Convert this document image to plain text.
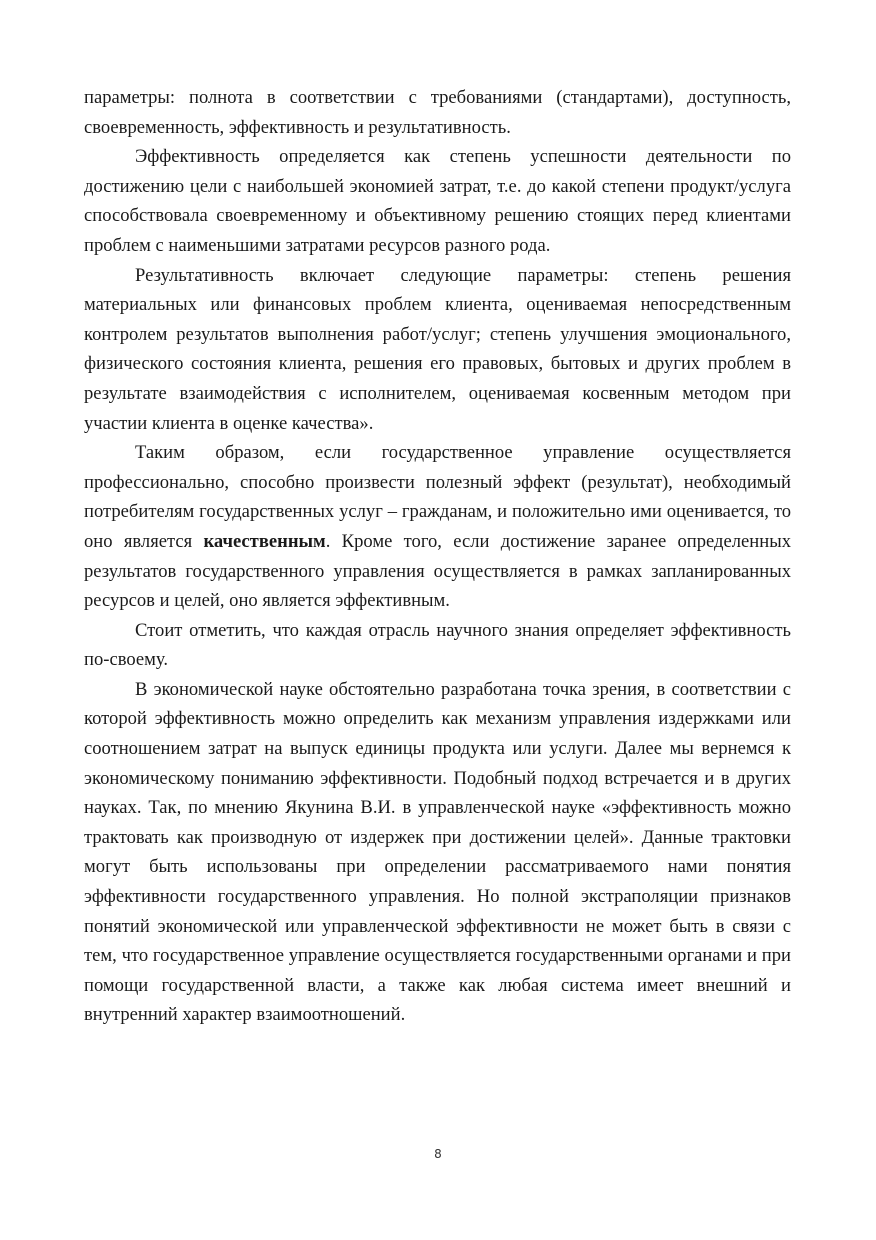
параметры: полнота в соответствии с требованиями (стандартами), доступность, своевременность, эффективность и результативность.

Эффективность определяется как степень успешности деятельности по достижению цели с наибольшей экономией затрат, т.е. до какой степени продукт/услуга способствовала своевременному и объективному решению стоящих перед клиентами проблем с наименьшими затратами ресурсов разного рода.

Результативность включает следующие параметры: степень решения материальных или финансовых проблем клиента, оцениваемая непосредственным контролем результатов выполнения работ/услуг; степень улучшения эмоционального, физического состояния клиента, решения его правовых, бытовых и других проблем в результате взаимодействия с исполнителем, оцениваемая косвенным методом при участии клиента в оценке качества».

Таким образом, если государственное управление осуществляется профессионально, способно произвести полезный эффект (результат), необходимый потребителям государственных услуг – гражданам, и положительно ими оценивается, то оно является качественным. Кроме того, если достижение заранее определенных результатов государственного управления осуществляется в рамках запланированных ресурсов и целей, оно является эффективным.

Стоит отметить, что каждая отрасль научного знания определяет эффективность по-своему.

В экономической науке обстоятельно разработана точка зрения, в соответствии с которой эффективность можно определить как механизм управления издержками или соотношением затрат на выпуск единицы продукта или услуги. Далее мы вернемся к экономическому пониманию эффективности. Подобный подход встречается и в других науках. Так, по мнению Якунина В.И. в управленческой науке «эффективность можно трактовать как производную от издержек при достижении целей». Данные трактовки могут быть использованы при определении рассматриваемого нами понятия эффективности государственного управления. Но полной экстраполяции признаков понятий экономической или управленческой эффективности не может быть в связи с тем, что государственное управление осуществляется государственными органами и при помощи государственной власти, а также как любая система имеет внешний и внутренний характер взаимоотношений.

8
